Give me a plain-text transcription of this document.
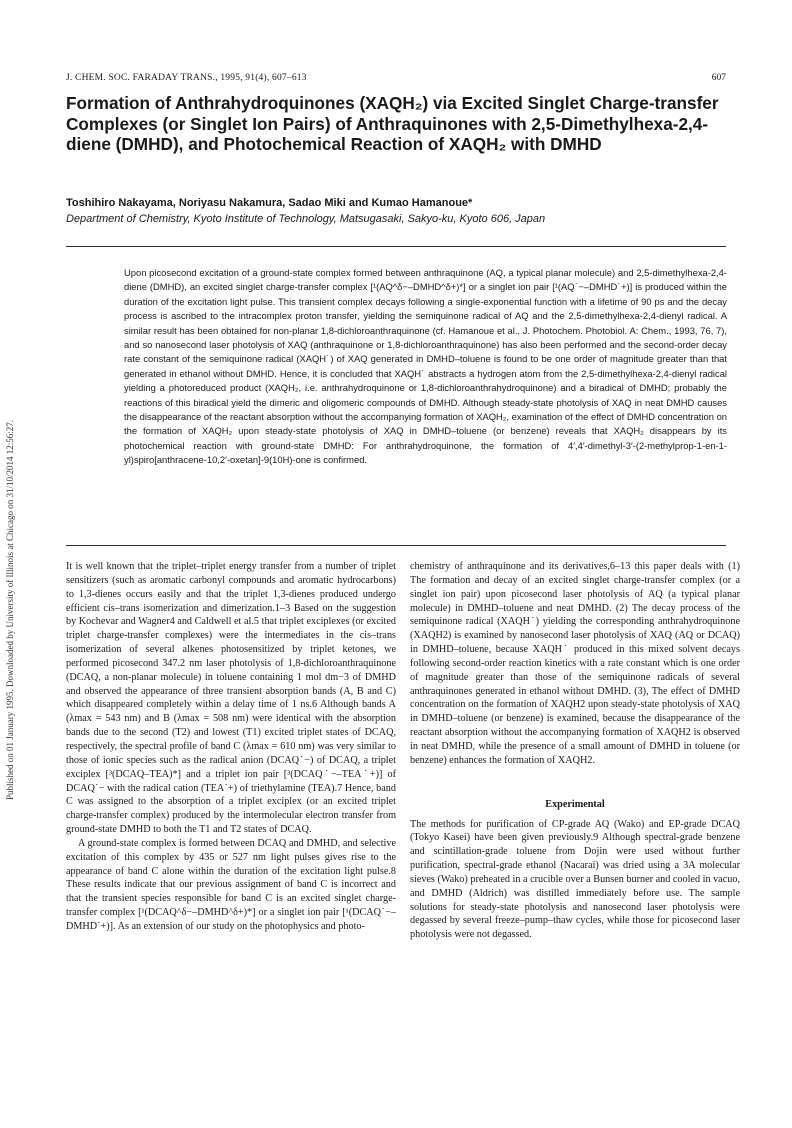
J. CHEM. SOC. FARADAY TRANS., 1995, 91(4), 607–613	607
Formation of Anthrahydroquinones (XAQH₂) via Excited Singlet Charge-transfer Complexes (or Singlet Ion Pairs) of Anthraquinones with 2,5-Dimethylhexa-2,4-diene (DMHD), and Photochemical Reaction of XAQH₂ with DMHD
Toshihiro Nakayama, Noriyasu Nakamura, Sadao Miki and Kumao Hamanoue*
Department of Chemistry, Kyoto Institute of Technology, Matsugasaki, Sakyo-ku, Kyoto 606, Japan

Upon picosecond excitation of a ground-state complex formed between anthraquinone (AQ, a typical planar molecule) and 2,5-dimethylhexa-2,4-diene (DMHD), an excited singlet charge-transfer complex [¹(AQ^δ−–DMHD^δ+)*] or a singlet ion pair [¹(AQ˙−–DMHD˙+)] is produced within the duration of the excitation light pulse. This transient complex decays following a single-exponential function with a lifetime of 90 ps and the decay process is ascribed to the intracomplex proton transfer, yielding the semiquinone radical of AQ and the 2,5-dimethylhexa-2,4-dienyl radical. A similar result has been obtained for non-planar 1,8-dichloroanthraquinone (cf. Hamanoue et al., J. Photochem. Photobiol. A: Chem., 1993, 76, 7), and so nanosecond laser photolysis of XAQ (anthraquinone or 1,8-dichloroanthraquinone) has also been performed and the second-order decay rate constant of the semiquinone radical (XAQH˙) of XAQ generated in DMHD–toluene is found to be one order of magnitude greater than that generated in ethanol without DMHD. Hence, it is concluded that XAQH˙ abstracts a hydrogen atom from the 2,5-dimethylhexa-2,4-dienyl radical yielding a photoreduced product (XAQH₂, i.e. anthrahydroquinone or 1,8-dichloroanthrahydroquinone) and a biradical of DMHD; probably the reactions of this biradical yield the dimeric and oligomeric compounds of DMHD. Although steady-state photolysis of XAQ in neat DMHD causes the disappearance of the reactant absorption without the accompanying formation of XAQH₂, examination of the effect of DMHD concentration on the formation of XAQH₂ upon steady-state photolysis of XAQ in DMHD–toluene (or benzene) reveals that XAQH₂ disappears by its photochemical reaction with ground-state DMHD: For anthrahydroquinone, the formation of 4′,4′-dimethyl-3′-(2-methylprop-1-en-1- yl)spiro[anthracene-10,2′-oxetan]-9(10H)-one is confirmed.

It is well known that the triplet–triplet energy transfer from a number of triplet sensitizers (such as aromatic carbonyl compounds and aromatic hydrocarbons) to 1,3-dienes occurs easily and that the triplet 1,3-dienes produced undergo efficient cis–trans isomerization and dimerization.1–3 Based on the suggestion by Kochevar and Wagner4 and Caldwell et al.5 that triplet exciplexes (or excited triplet charge-transfer complexes) were the intermediates in the cis–trans isomerization of several alkenes photosensitized by triplet ketones, we performed picosecond 347.2 nm laser photolysis of 1,8-dichloroanthraquinone (DCAQ, a non-planar molecule) in toluene containing 1 mol dm−3 of DMHD and observed the appearance of three transient absorption bands (A, B and C) which disappeared completely within a delay time of 1 ns.6 Although bands A (λmax = 543 nm) and B (λmax = 508 nm) were identical with the absorption bands due to the second (T2) and lowest (T1) excited triplet states of DCAQ, respectively, the spectral profile of band C (λmax = 610 nm) was very similar to those of ionic species such as the radical anion (DCAQ˙−) of DCAQ, a triplet exciplex [³(DCAQ–TEA)*] and a triplet ion pair [³(DCAQ˙−–TEA˙+)] of DCAQ˙− with the radical cation (TEA˙+) of triethylamine (TEA).7 Hence, band C was assigned to the absorption of a triplet exciplex (or an excited triplet charge-transfer complex) produced by the intermolecular electron transfer from ground-state DMHD to both the T1 and T2 states of DCAQ.

A ground-state complex is formed between DCAQ and DMHD, and selective excitation of this complex by 435 or 527 nm light pulses gives rise to the appearance of band C alone within the duration of the excitation light pulse.8 These results indicate that our previous assignment of band C is incorrect and that the transient species responsible for band C is an excited singlet charge-transfer complex [¹(DCAQ^δ−–DMHD^δ+)*] or a singlet ion pair [¹(DCAQ˙−–DMHD˙+)]. As an extension of our study on the photophysics and photo-

chemistry of anthraquinone and its derivatives,6–13 this paper deals with (1) The formation and decay of an excited singlet charge-transfer complex (or a singlet ion pair) upon picosecond laser photolysis of AQ (a typical planar molecule) in DMHD–toluene and neat DMHD. (2) The decay process of the semiquinone radical (XAQH˙) yielding the corresponding anthrahydroquinone (XAQH2) is examined by nanosecond laser photolysis of XAQ (AQ or DCAQ) in DMHD–toluene, because XAQH˙ produced in this mixed solvent decays following second-order reaction kinetics with a rate constant which is one order of magnitude greater than those of the semiquinone radicals of several anthraquinones generated in ethanol without DMHD. (3), The effect of DMHD concentration on the formation of XAQH2 upon steady-state photolysis of XAQ in DMHD–toluene (or benzene) is examined, because the disappearance of the reactant absorption without the accompanying formation of XAQH2 is observed in neat DMHD, while the presence of a small amount of DMHD in toluene (or benzene) enhances the formation of XAQH2.

Experimental

The methods for purification of CP-grade AQ (Wako) and EP-grade DCAQ (Tokyo Kasei) have been given previously.9 Although spectral-grade benzene and scintillation-grade toluene from Dojin were used without further purification, spectral-grade ethanol (Nacarai) was dried using a 3A molecular sieves (Wako) preheated in a crucible over a Bunsen burner and cooled in vacuo, and DMHD (Aldrich) was distilled immediately before use. The sample solutions for steady-state photolysis and nanosecond laser photolysis were degassed by several freeze–pump–thaw cycles, while those for picosecond laser photolysis were not degassed.

Published on 01 January 1995. Downloaded by University of Illinois at Chicago on 31/10/2014 12:56:27.
